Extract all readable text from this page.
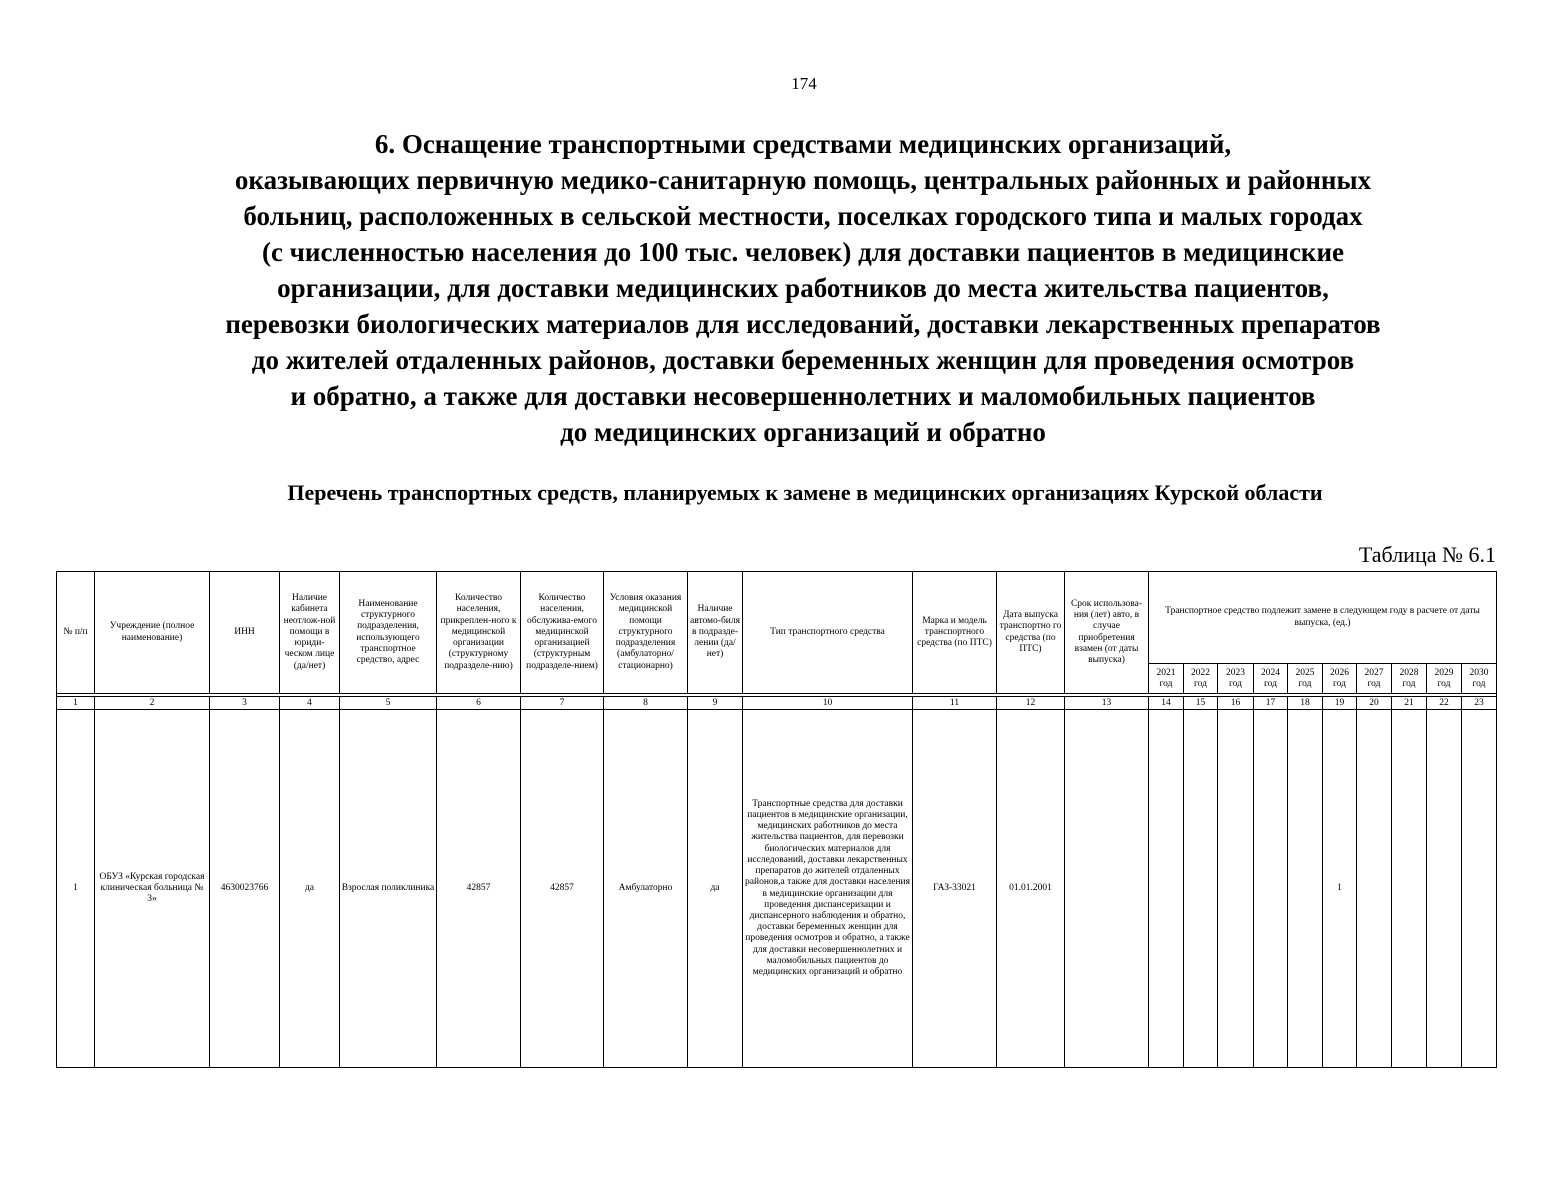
174
6. Оснащение транспортными средствами медицинских организаций,
оказывающих первичную медико-санитарную помощь, центральных районных и районных
больниц, расположенных в сельской местности, поселках городского типа и малых городах
(с численностью населения до 100 тыс. человек) для доставки пациентов в медицинские
организации, для доставки медицинских работников до места жительства пациентов,
перевозки биологических материалов для исследований, доставки лекарственных препаратов
до жителей отдаленных районов, доставки беременных женщин для проведения осмотров
и обратно, а также для доставки несовершеннолетних и маломобильных пациентов
до медицинских организаций и обратно
Перечень транспортных средств, планируемых к замене в медицинских организациях Курской области
Таблица № 6.1
№ п/п	Учреждение (полное наименование)	ИНН	Наличие кабинета неотлож-ной помощи в юриди-ческом лице (да/нет)	Наименование структурного подразделения, использующего транспортное средство, адрес	Количество населения, прикреплен-ного к медицинской организации (структурному подразделе-нию)	Количество населения, обслужива-емого медицинской организацией (структурным подразделе-нием)	Условия оказания медицинской помощи структурного подразделения (амбулаторно/ стационарно)	Наличие автомо-биля в подразде-лении (да/нет)	Тип транспортного средства	Марка и модель транспортного средства (по ПТС)	Дата выпуска транспортно го средства (по ПТС)	Срок использова-ния (лет) авто, в случае приобретения взамен (от даты выпуска)	Транспортное средство подлежит замене в следующем году в расчете от даты выпуска, (ед.)									
													2021 год	2022 год	2023 год	2024 год	2025 год	2026 год	2027 год	2028 год	2029 год	2030 год

1	2	3	4	5	6	7	8	9	10	11	12	13	14	15	16	17	18	19	20	21	22	23
1	ОБУЗ «Курская городская клиническая больница № 3»	4630023766	да	Взрослая поликлиника	42857	42857	Амбулаторно	да	Транспортные средства для доставки пациентов в медицинские организации, медицинских работников до места жительства пациентов, для перевозки биологических материалов для исследований, доставки лекарственных препаратов до жителей отдаленных районов,а также для доставки населения в медицинские организации для проведения диспансеризации и диспансерного наблюдения и обратно, доставки беременных женщин для проведения осмотров и обратно, а также для доставки несовершеннолетних и маломобильных пациентов до медицинских организаций и обратно	ГАЗ-33021	01.01.2001							1				
